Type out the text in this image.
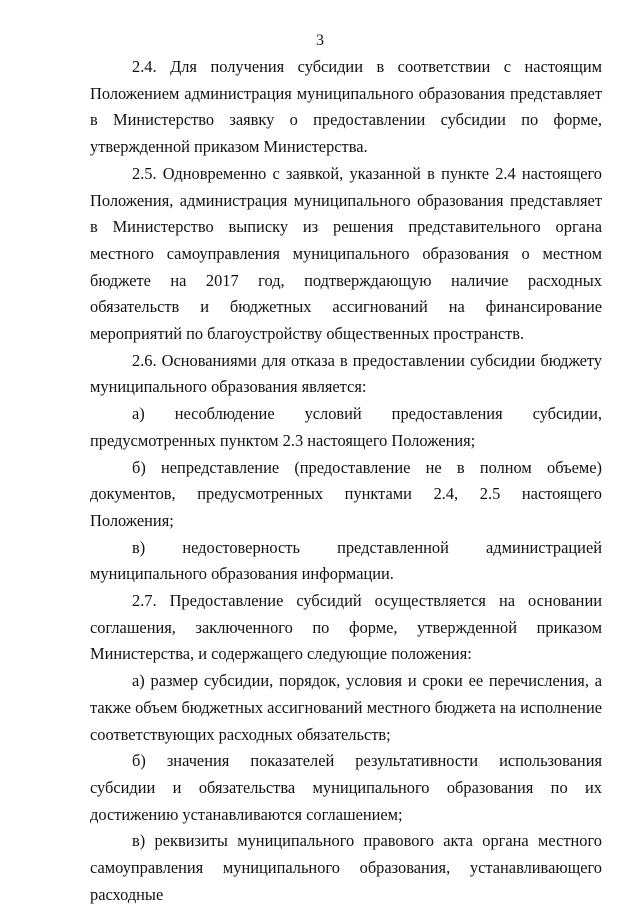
3

2.4. Для получения субсидии в соответствии с настоящим Положением администрация муниципального образования представляет в Министерство заявку о предоставлении субсидии по форме, утвержденной приказом Министерства.

2.5. Одновременно с заявкой, указанной в пункте 2.4 настоящего Положения, администрация муниципального образования представляет в Министерство выписку из решения представительного органа местного самоуправления муниципального образования о местном бюджете на 2017 год, подтверждающую наличие расходных обязательств и бюджетных ассигнований на финансирование мероприятий по благоустройству общественных пространств.

2.6. Основаниями для отказа в предоставлении субсидии бюджету муниципального образования является:

а) несоблюдение условий предоставления субсидии, предусмотренных пунктом 2.3 настоящего Положения;

б) непредставление (предоставление не в полном объеме) документов, предусмотренных пунктами 2.4, 2.5 настоящего Положения;

в) недостоверность представленной администрацией муниципального образования информации.

2.7. Предоставление субсидий осуществляется на основании соглашения, заключенного по форме, утвержденной приказом Министерства, и содержащего следующие положения:

а) размер субсидии, порядок, условия и сроки ее перечисления, а также объем бюджетных ассигнований местного бюджета на исполнение соответствующих расходных обязательств;

б) значения показателей результативности использования субсидии и обязательства муниципального образования по их достижению устанавливаются соглашением;

в) реквизиты муниципального правового акта органа местного самоуправления муниципального образования, устанавливающего расходные
